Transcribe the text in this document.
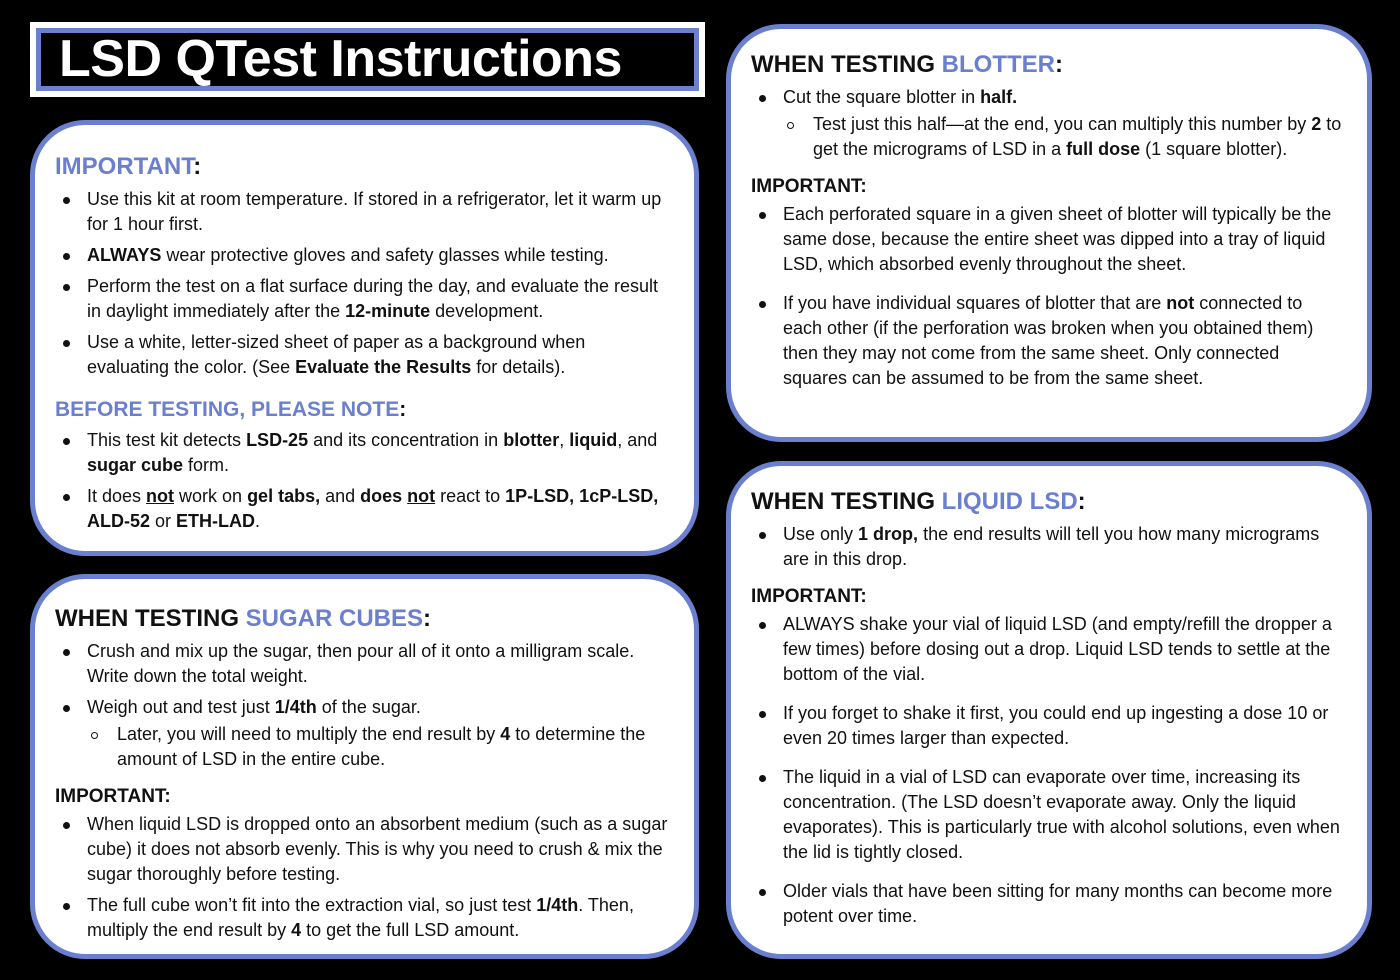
LSD QTest Instructions
IMPORTANT:
Use this kit at room temperature. If stored in a refrigerator, let it warm up for 1 hour first.
ALWAYS wear protective gloves and safety glasses while testing.
Perform the test on a flat surface during the day, and evaluate the result in daylight immediately after the 12-minute development.
Use a white, letter-sized sheet of paper as a background when evaluating the color. (See Evaluate the Results for details).
BEFORE TESTING, PLEASE NOTE:
This test kit detects LSD-25 and its concentration in blotter, liquid, and sugar cube form.
It does not work on gel tabs, and does not react to 1P-LSD, 1cP-LSD, ALD-52 or ETH-LAD.
WHEN TESTING SUGAR CUBES:
Crush and mix up the sugar, then pour all of it onto a milligram scale. Write down the total weight.
Weigh out and test just 1/4th of the sugar.
Later, you will need to multiply the end result by 4 to determine the amount of LSD in the entire cube.
IMPORTANT:
When liquid LSD is dropped onto an absorbent medium (such as a sugar cube) it does not absorb evenly. This is why you need to crush & mix the sugar thoroughly before testing.
The full cube won’t fit into the extraction vial, so just test 1/4th. Then, multiply the end result by 4 to get the full LSD amount.
WHEN TESTING BLOTTER:
Cut the square blotter in half.
Test just this half—at the end, you can multiply this number by 2 to get the micrograms of LSD in a full dose (1 square blotter).
IMPORTANT:
Each perforated square in a given sheet of blotter will typically be the same dose, because the entire sheet was dipped into a tray of liquid LSD, which absorbed evenly throughout the sheet.
If you have individual squares of blotter that are not connected to each other (if the perforation was broken when you obtained them) then they may not come from the same sheet. Only connected squares can be assumed to be from the same sheet.
WHEN TESTING LIQUID LSD:
Use only 1 drop, the end results will tell you how many micrograms are in this drop.
IMPORTANT:
ALWAYS shake your vial of liquid LSD (and empty/refill the dropper a few times) before dosing out a drop. Liquid LSD tends to settle at the bottom of the vial.
If you forget to shake it first, you could end up ingesting a dose 10 or even 20 times larger than expected.
The liquid in a vial of LSD can evaporate over time, increasing its concentration. (The LSD doesn’t evaporate away. Only the liquid evaporates). This is particularly true with alcohol solutions, even when the lid is tightly closed.
Older vials that have been sitting for many months can become more potent over time.
